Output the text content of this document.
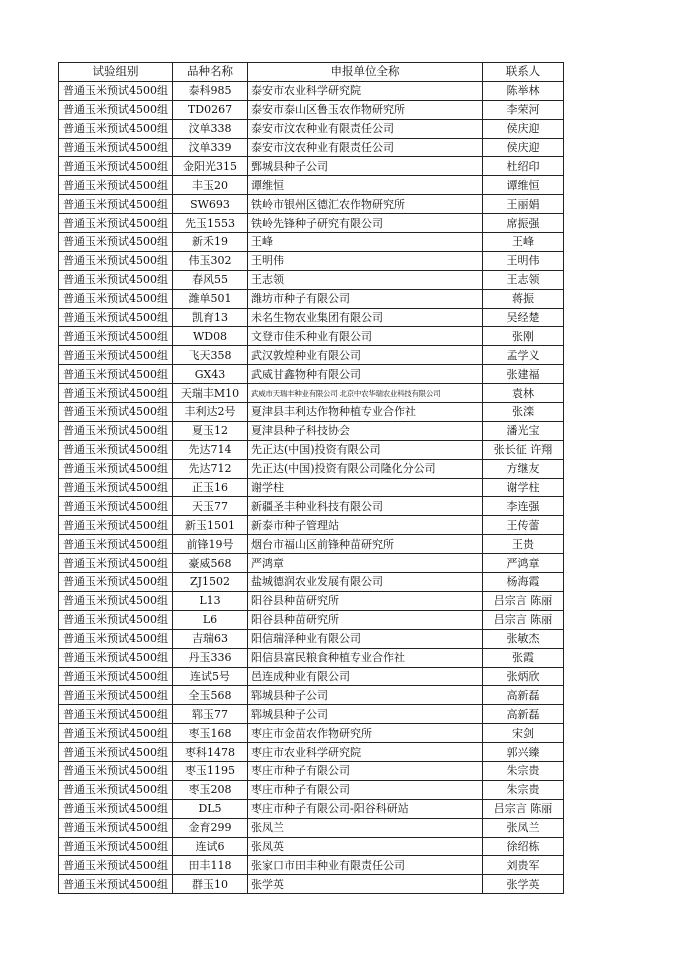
试验组别	品种名称	申报单位全称	联系人
普通玉米预试4500组	泰科985	泰安市农业科学研究院	陈举林
普通玉米预试4500组	TD0267	泰安市泰山区鲁玉农作物研究所	李荣河
普通玉米预试4500组	汶单338	泰安市汶农种业有限责任公司	侯庆迎
普通玉米预试4500组	汶单339	泰安市汶农种业有限责任公司	侯庆迎
普通玉米预试4500组	金阳光315	鄄城县种子公司	杜绍印
普通玉米预试4500组	丰玉20	谭维恒	谭维恒
普通玉米预试4500组	SW693	铁岭市银州区德汇农作物研究所	王丽娟
普通玉米预试4500组	先玉1553	铁岭先锋种子研究有限公司	席振强
普通玉米预试4500组	新禾19	王峰	王峰
普通玉米预试4500组	伟玉302	王明伟	王明伟
普通玉米预试4500组	春风55	王志领	王志领
普通玉米预试4500组	潍单501	潍坊市种子有限公司	蒋振
普通玉米预试4500组	凯育13	未名生物农业集团有限公司	吴经楚
普通玉米预试4500组	WD08	文登市佳禾种业有限公司	张刚
普通玉米预试4500组	飞天358	武汉敦煌种业有限公司	孟学义
普通玉米预试4500组	GX43	武威甘鑫物种有限公司	张建福
普通玉米预试4500组	天瑞丰M10	武威市天瑞丰种业有限公司 北京中农华瑞农业科技有限公司	袁林
普通玉米预试4500组	丰利达2号	夏津县丰利达作物种植专业合作社	张滦
普通玉米预试4500组	夏玉12	夏津县种子科技协会	潘光宝
普通玉米预试4500组	先达714	先正达(中国)投资有限公司	张长征 许翔
普通玉米预试4500组	先达712	先正达(中国)投资有限公司隆化分公司	方继友
普通玉米预试4500组	正玉16	谢学柱	谢学柱
普通玉米预试4500组	天玉77	新疆圣丰种业科技有限公司	李连强
普通玉米预试4500组	新玉1501	新泰市种子管理站	王传蕾
普通玉米预试4500组	前锋19号	烟台市福山区前锋种苗研究所	王贵
普通玉米预试4500组	豪威568	严鸿章	严鸿章
普通玉米预试4500组	ZJ1502	盐城德润农业发展有限公司	杨海霞
普通玉米预试4500组	L13	阳谷县种苗研究所	吕宗言 陈丽
普通玉米预试4500组	L6	阳谷县种苗研究所	吕宗言 陈丽
普通玉米预试4500组	吉瑞63	阳信瑞泽种业有限公司	张敏杰
普通玉米预试4500组	丹玉336	阳信县富民粮食种植专业合作社	张霞
普通玉米预试4500组	连试5号	邑连成种业有限公司	张炳欣
普通玉米预试4500组	全玉568	郓城县种子公司	高新磊
普通玉米预试4500组	郓玉77	郓城县种子公司	高新磊
普通玉米预试4500组	枣玉168	枣庄市金苗农作物研究所	宋剑
普通玉米预试4500组	枣科1478	枣庄市农业科学研究院	郭兴臻
普通玉米预试4500组	枣玉1195	枣庄市种子有限公司	朱宗贵
普通玉米预试4500组	枣玉208	枣庄市种子有限公司	朱宗贵
普通玉米预试4500组	DL5	枣庄市种子有限公司-阳谷科研站	吕宗言 陈丽
普通玉米预试4500组	金育299	张凤兰	张凤兰
普通玉米预试4500组	连试6	张凤英	徐绍栋
普通玉米预试4500组	田丰118	张家口市田丰种业有限责任公司	刘贵军
普通玉米预试4500组	群玉10	张学英	张学英
